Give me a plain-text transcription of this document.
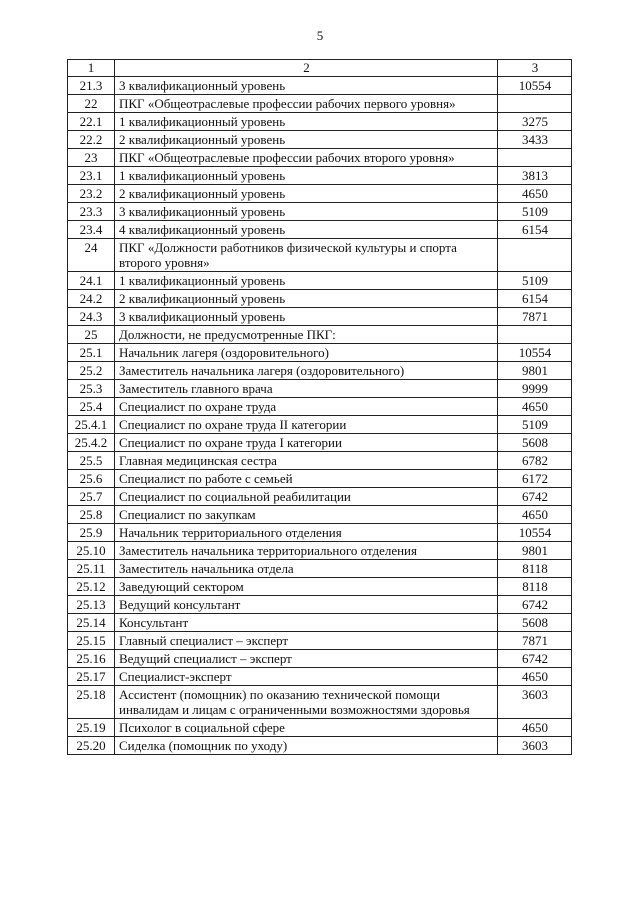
5
1	2	3
21.3	3 квалификационный уровень	10554
22	ПКГ «Общеотраслевые профессии рабочих первого уровня»	
22.1	1 квалификационный уровень	3275
22.2	2 квалификационный уровень	3433
23	ПКГ «Общеотраслевые профессии рабочих второго уровня»	
23.1	1 квалификационный уровень	3813
23.2	2 квалификационный уровень	4650
23.3	3 квалификационный уровень	5109
23.4	4 квалификационный уровень	6154
24	ПКГ «Должности работников физической культуры и спорта второго уровня»	
24.1	1 квалификационный уровень	5109
24.2	2 квалификационный уровень	6154
24.3	3 квалификационный уровень	7871
25	Должности, не предусмотренные ПКГ:	
25.1	Начальник лагеря (оздоровительного)	10554
25.2	Заместитель начальника лагеря (оздоровительного)	9801
25.3	Заместитель главного врача	9999
25.4	Специалист по охране труда	4650
25.4.1	Специалист по охране труда II категории	5109
25.4.2	Специалист по охране труда I категории	5608
25.5	Главная медицинская сестра	6782
25.6	Специалист по работе с семьей	6172
25.7	Специалист по социальной реабилитации	6742
25.8	Специалист по закупкам	4650
25.9	Начальник территориального отделения	10554
25.10	Заместитель начальника территориального отделения	9801
25.11	Заместитель начальника отдела	8118
25.12	Заведующий сектором	8118
25.13	Ведущий консультант	6742
25.14	Консультант	5608
25.15	Главный специалист – эксперт	7871
25.16	Ведущий специалист – эксперт	6742
25.17	Специалист-эксперт	4650
25.18	Ассистент (помощник) по оказанию технической помощи инвалидам и лицам с ограниченными возможностями здоровья	3603
25.19	Психолог в социальной сфере	4650
25.20	Сиделка (помощник по уходу)	3603
